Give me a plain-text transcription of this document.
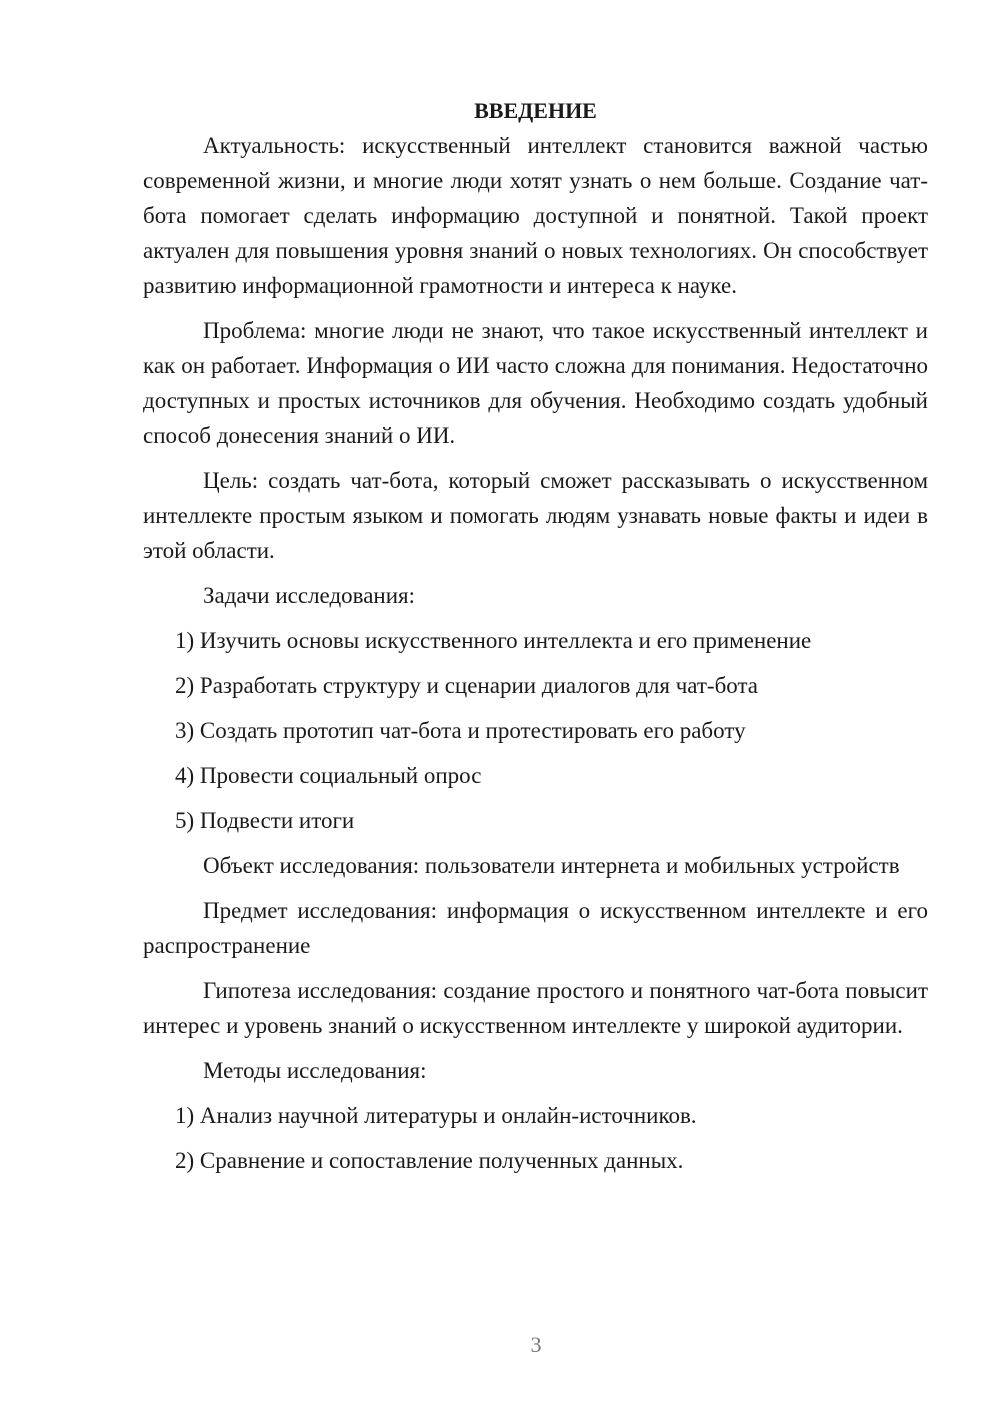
ВВЕДЕНИЕ

Актуальность: искусственный интеллект становится важной частью современной жизни, и многие люди хотят узнать о нем больше. Создание чат-бота помогает сделать информацию доступной и понятной. Такой проект актуален для повышения уровня знаний о новых технологиях. Он способствует развитию информационной грамотности и интереса к науке.

Проблема: многие люди не знают, что такое искусственный интеллект и как он работает. Информация о ИИ часто сложна для понимания. Недостаточно доступных и простых источников для обучения. Необходимо создать удобный способ донесения знаний о ИИ.

Цель: создать чат-бота, который сможет рассказывать о искусственном интеллекте простым языком и помогать людям узнавать новые факты и идеи в этой области.

Задачи исследования:

1) Изучить основы искусственного интеллекта и его применение

2) Разработать структуру и сценарии диалогов для чат-бота

3) Создать прототип чат-бота и протестировать его работу

4) Провести социальный опрос

5) Подвести итоги

Объект исследования: пользователи интернета и мобильных устройств

Предмет исследования: информация о искусственном интеллекте и его распространение

Гипотеза исследования: создание простого и понятного чат-бота повысит интерес и уровень знаний о искусственном интеллекте у широкой аудитории.

Методы исследования:

1) Анализ научной литературы и онлайн-источников.

2) Сравнение и сопоставление полученных данных.

3
